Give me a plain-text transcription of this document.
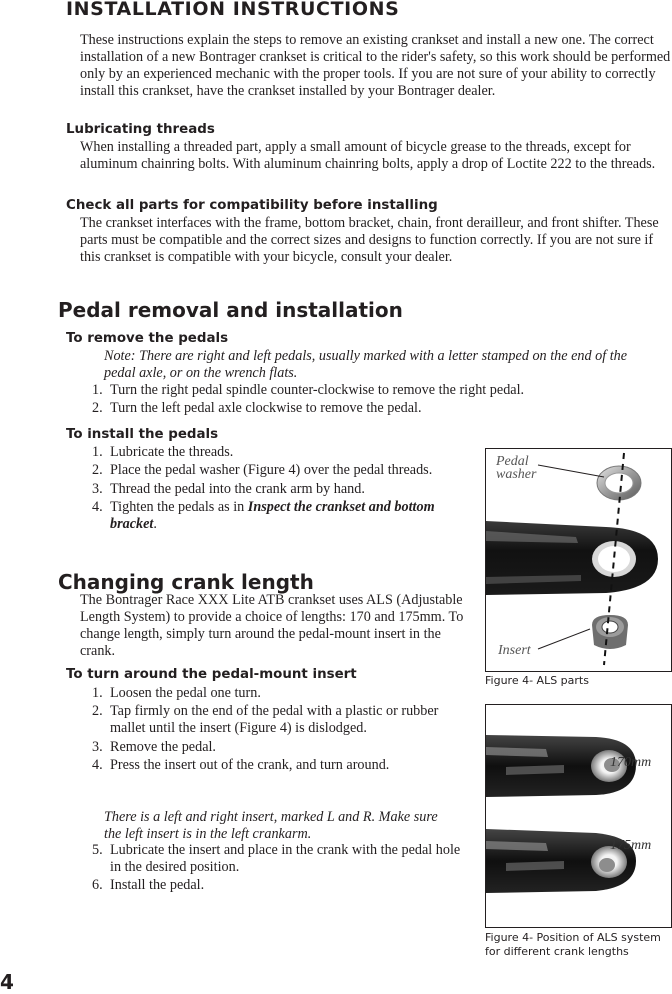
INSTALLATION INSTRUCTIONS
These instructions explain the steps to remove an existing crankset and install a new one. The correct installation of a new Bontrager crankset is critical to the rider's safety, so this work should be performed only by an experienced mechanic with the proper tools. If you are not sure of your ability to correctly install this crankset, have the crankset installed by your Bontrager dealer.
Lubricating threads
When installing a threaded part, apply a small amount of bicycle grease to the threads, except for aluminum chainring bolts. With aluminum chainring bolts, apply a drop of Loctite 222 to the threads.
Check all parts for compatibility before installing
The crankset interfaces with the frame, bottom bracket, chain, front derailleur, and front shifter. These parts must be compatible and the correct sizes and designs to function correctly. If you are not sure if this crankset is compatible with your bicycle, consult your dealer.
Pedal removal and installation
To remove the pedals
Note: There are right and left pedals, usually marked with a letter stamped on the end of the pedal axle, or on the wrench flats.
1. Turn the right pedal spindle counter-clockwise to remove the right pedal.
2. Turn the left pedal axle clockwise to remove the pedal.
To install the pedals
1. Lubricate the threads.
2. Place the pedal washer (Figure 4) over the pedal threads.
3. Thread the pedal into the crank arm by hand.
4. Tighten the pedals as in Inspect the crankset and bottom bracket.
Changing crank length
The Bontrager Race XXX Lite ATB crankset uses ALS (Adjustable Length System) to provide a choice of lengths: 170 and 175mm. To change length, simply turn around the pedal-mount insert in the crank.
To turn around the pedal-mount insert
1. Loosen the pedal one turn.
2. Tap firmly on the end of the pedal with a plastic or rubber mallet until the insert (Figure 4) is dislodged.
3. Remove the pedal.
4. Press the insert out of the crank, and turn around.
There is a left and right insert, marked L and R. Make sure the left insert is in the left crankarm.
5. Lubricate the insert and place in the crank with the pedal hole in the desired position.
6. Install the pedal.
Pedal
washer
Insert
Figure 4- ALS parts
170mm
175mm
Figure 4- Position of ALS system for different crank lengths
4
